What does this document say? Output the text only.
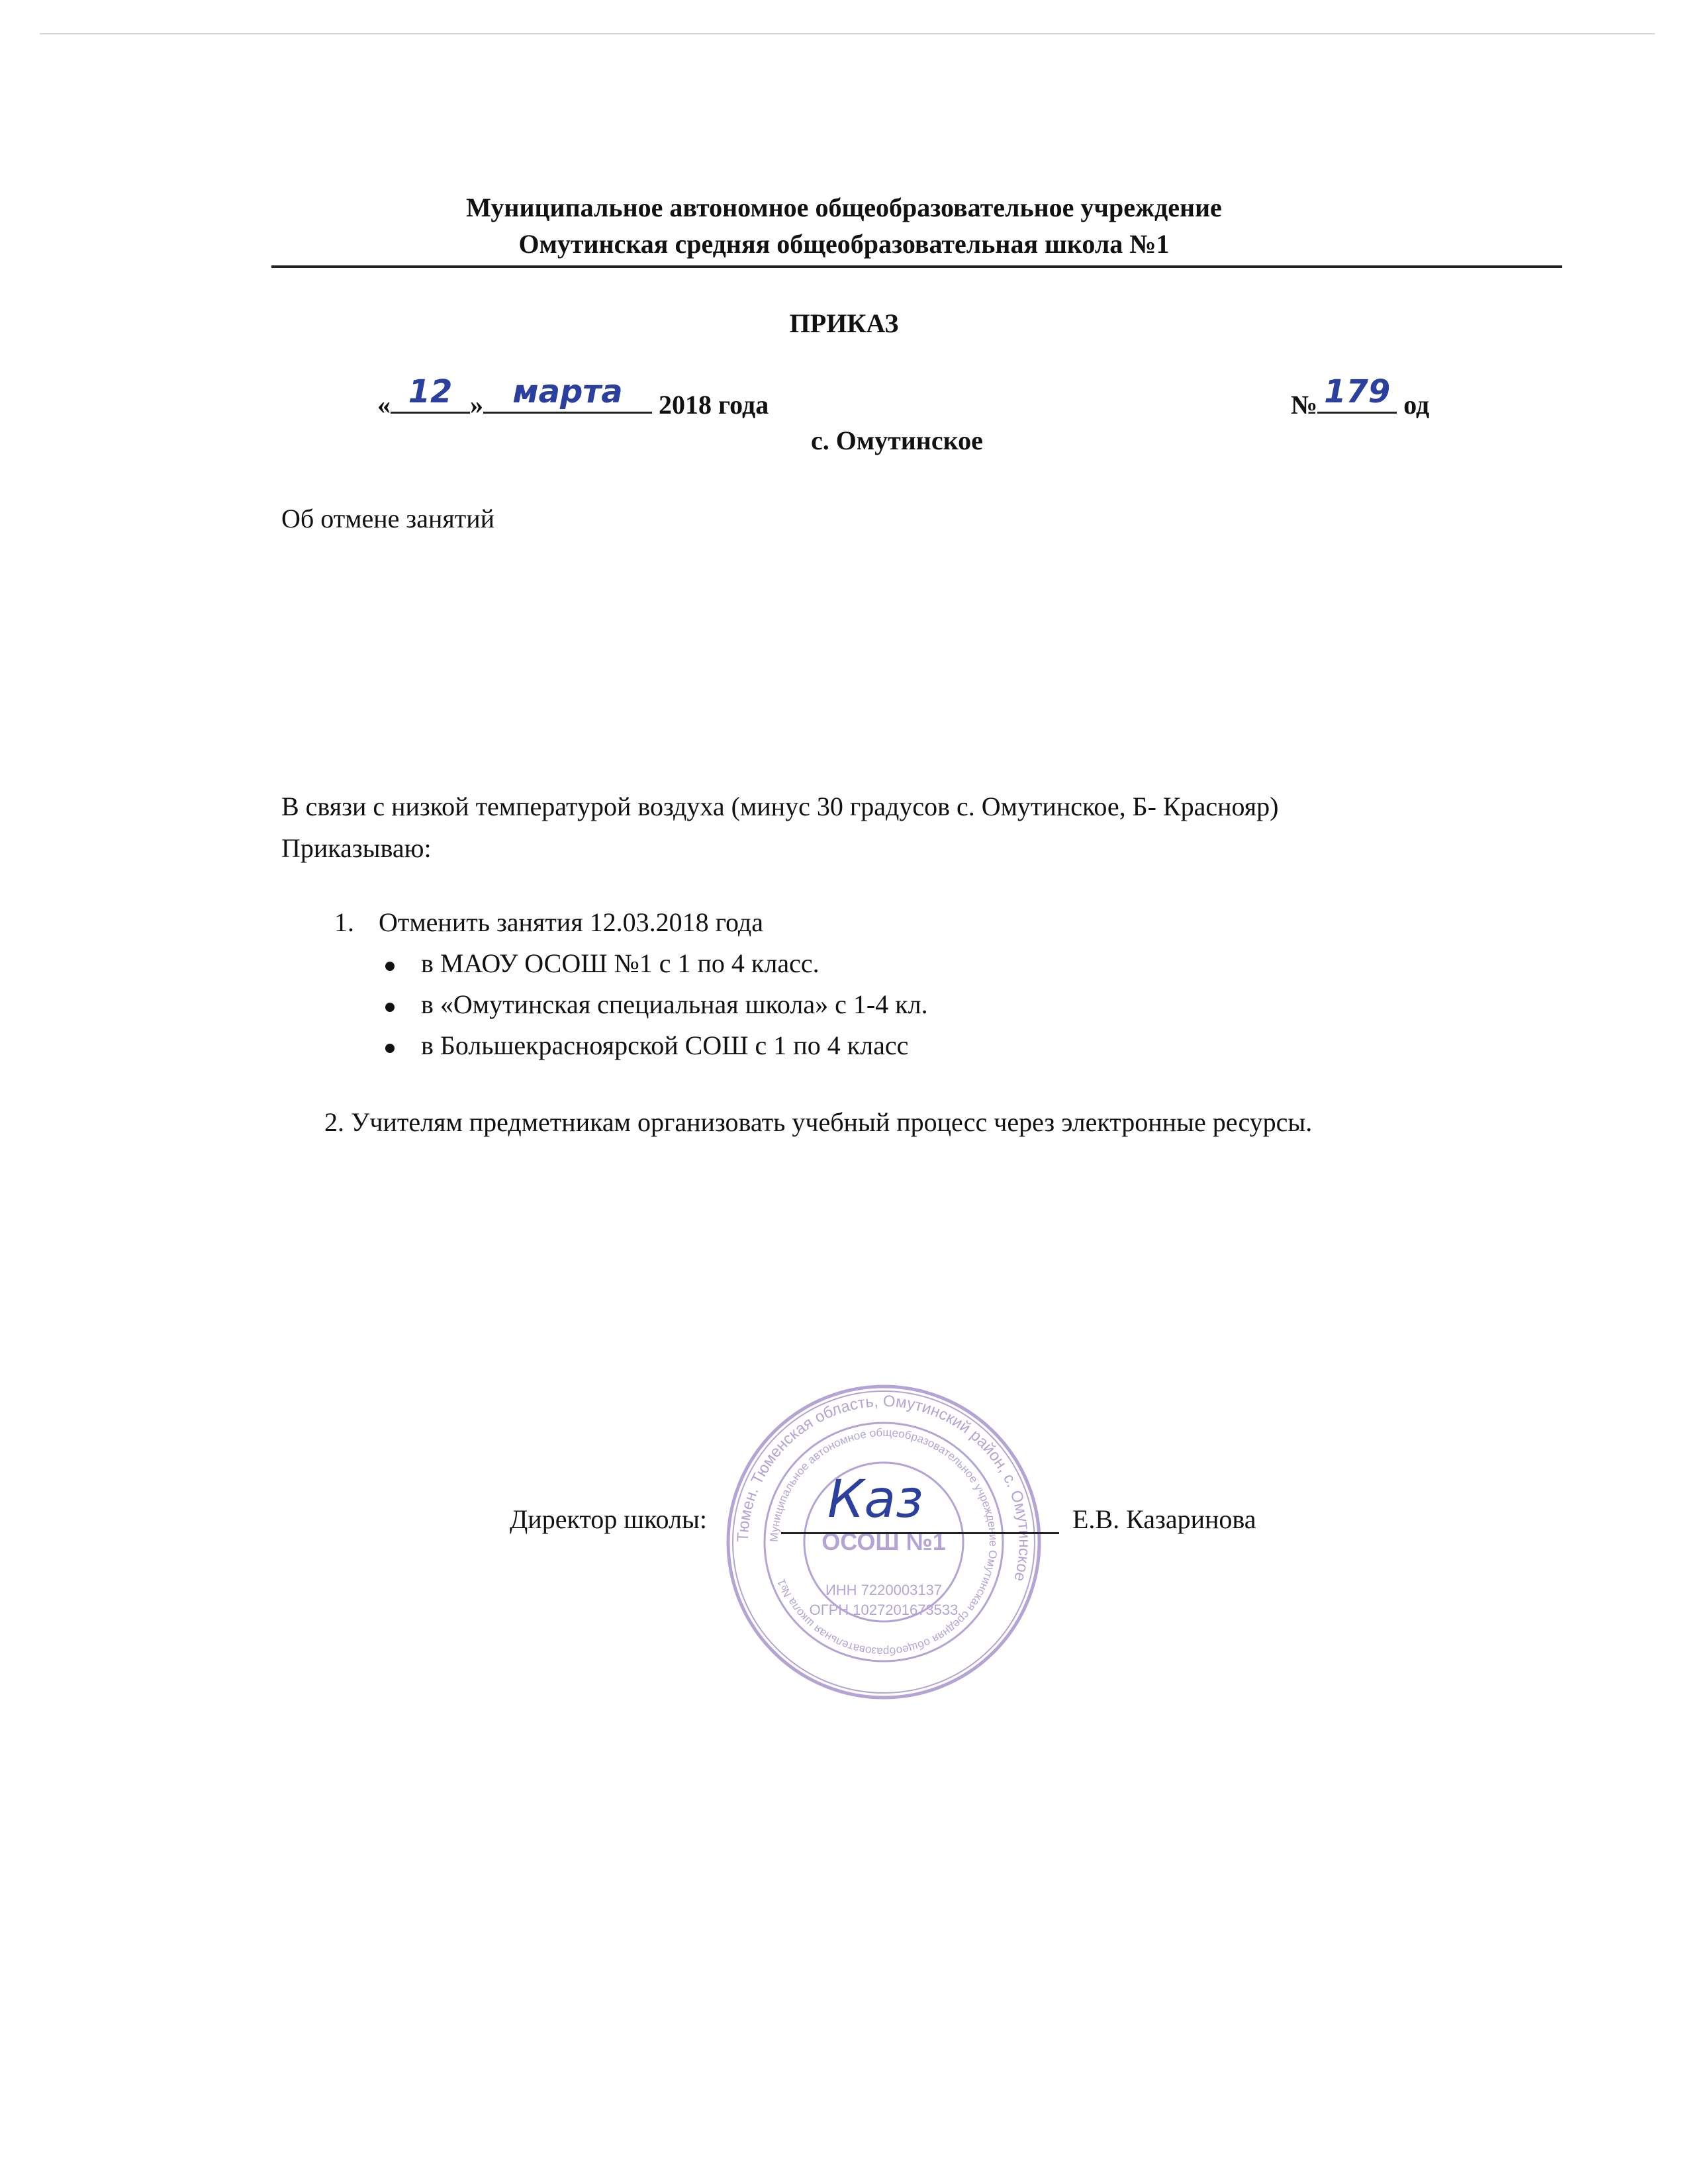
Муниципальное автономное общеобразовательное учреждение
Омутинская средняя общеобразовательная школа №1
ПРИКАЗ
« 12 » марта	2018 года	№ 179 од
с. Омутинское
Об отмене занятий
В связи с низкой температурой воздуха (минус 30 градусов с. Омутинское, Б- Краснояр)
Приказываю:
1. Отменить занятия 12.03.2018 года
в МАОУ ОСОШ №1 с 1 по 4 класс.
в «Омутинская специальная школа» с 1-4 кл.
в Большекрасноярской СОШ с 1 по 4 класс
2. Учителям предметникам организовать учебный процесс через электронные ресурсы.
Тюмен. Тюменская область, Омутинский район, с. Омутинское
Муниципальное автономное общеобразовательное учреждение Омутинская средняя общеобразовательная школа №1
ОСОШ №1
ИНН 7220003137
ОГРН 1027201673533
Директор школы: Каз	Е.В. Казаринова
